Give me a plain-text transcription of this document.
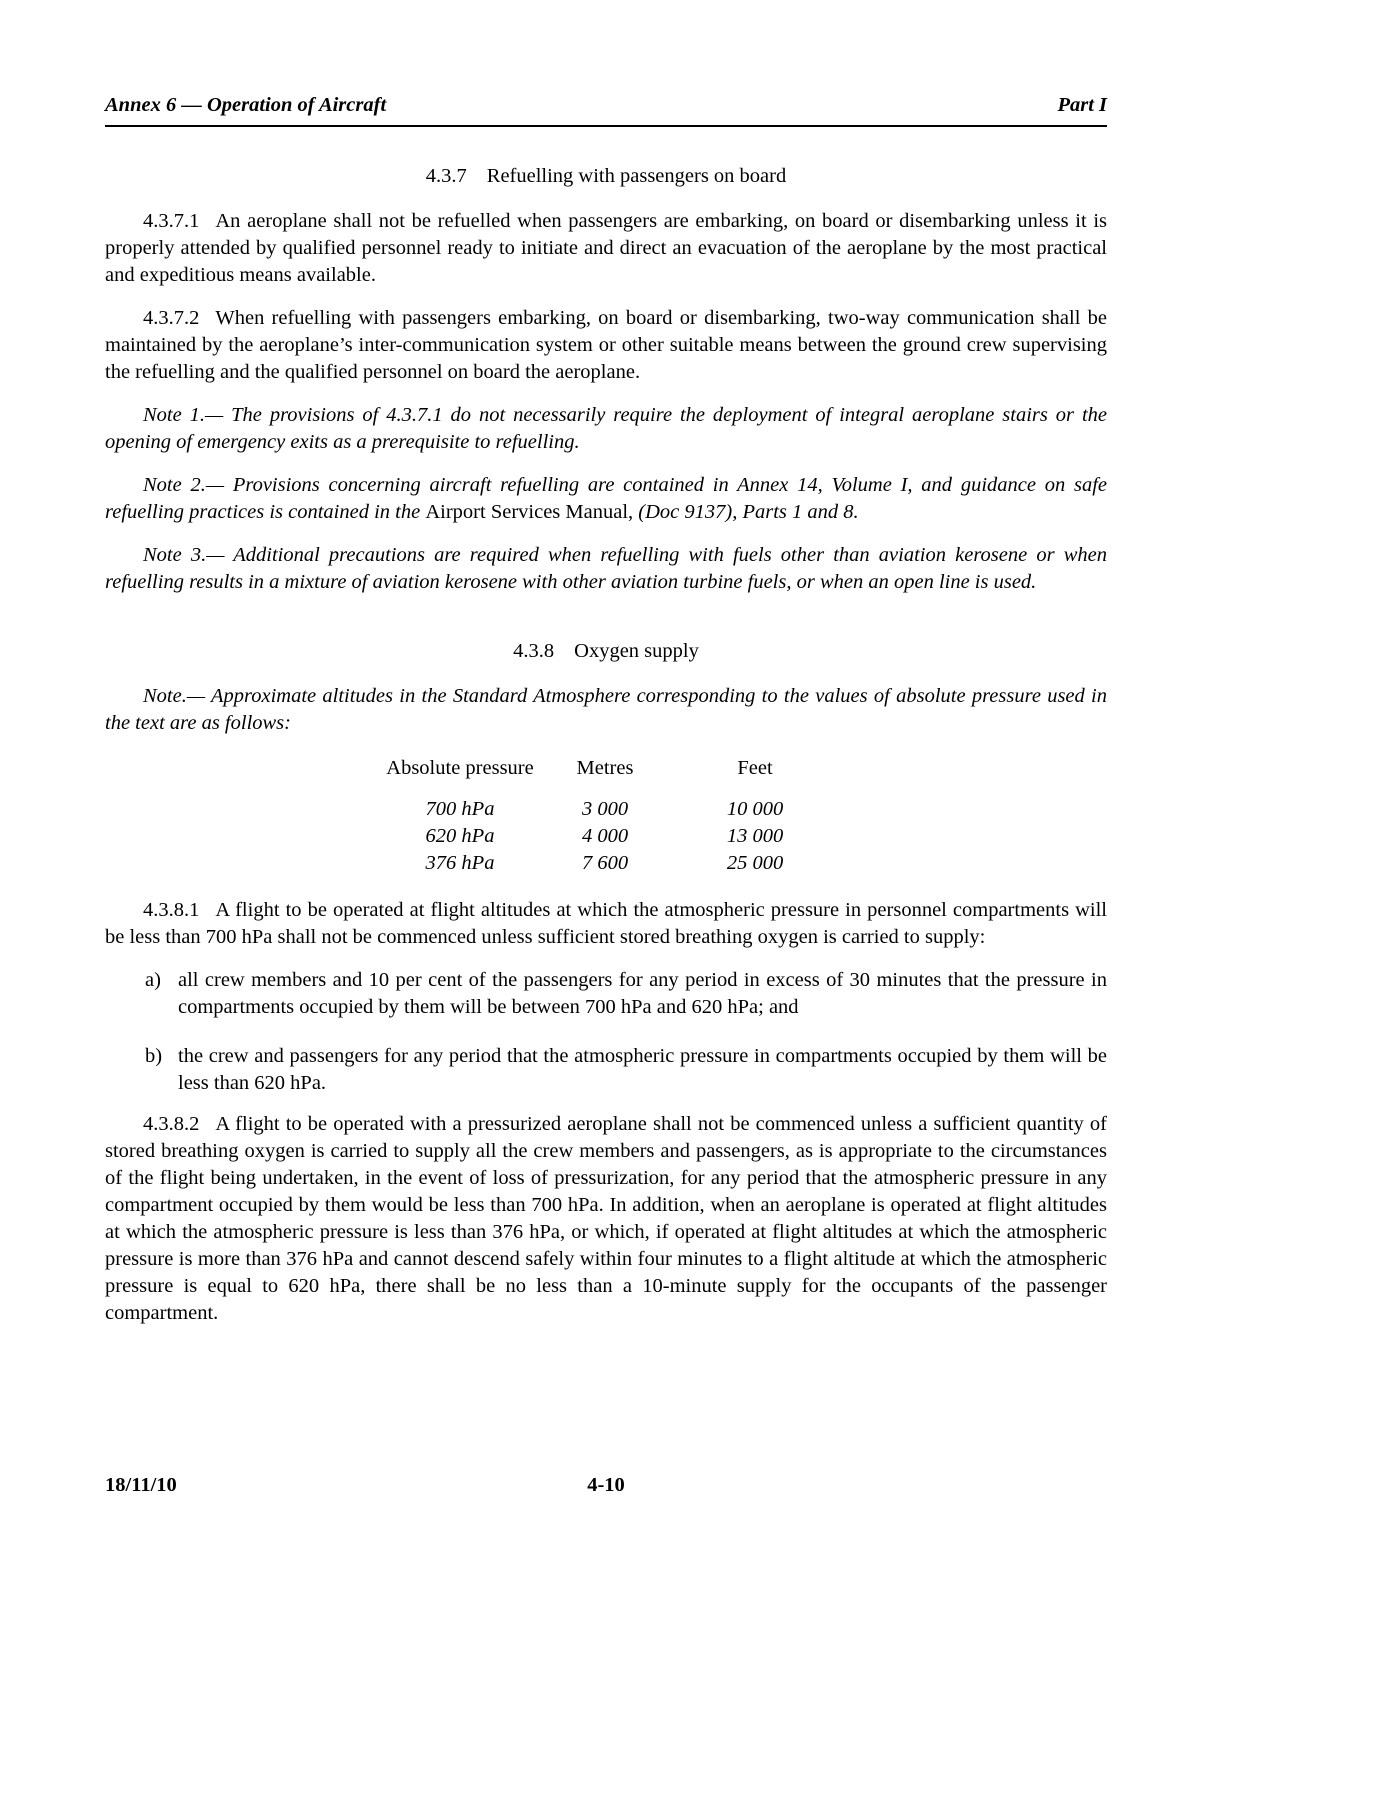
Annex 6 — Operation of Aircraft	Part I
4.3.7 Refuelling with passengers on board

4.3.7.1 An aeroplane shall not be refuelled when passengers are embarking, on board or disembarking unless it is properly attended by qualified personnel ready to initiate and direct an evacuation of the aeroplane by the most practical and expeditious means available.

4.3.7.2 When refuelling with passengers embarking, on board or disembarking, two-way communication shall be maintained by the aeroplane’s inter-communication system or other suitable means between the ground crew supervising the refuelling and the qualified personnel on board the aeroplane.

Note 1.— The provisions of 4.3.7.1 do not necessarily require the deployment of integral aeroplane stairs or the opening of emergency exits as a prerequisite to refuelling.

Note 2.— Provisions concerning aircraft refuelling are contained in Annex 14, Volume I, and guidance on safe refuelling practices is contained in the Airport Services Manual, (Doc 9137), Parts 1 and 8.

Note 3.— Additional precautions are required when refuelling with fuels other than aviation kerosene or when refuelling results in a mixture of aviation kerosene with other aviation turbine fuels, or when an open line is used.

4.3.8 Oxygen supply

Note.— Approximate altitudes in the Standard Atmosphere corresponding to the values of absolute pressure used in the text are as follows:

Absolute pressure	Metres	Feet
700 hPa	3 000	10 000
620 hPa	4 000	13 000
376 hPa	7 600	25 000

4.3.8.1 A flight to be operated at flight altitudes at which the atmospheric pressure in personnel compartments will be less than 700 hPa shall not be commenced unless sufficient stored breathing oxygen is carried to supply:

a) all crew members and 10 per cent of the passengers for any period in excess of 30 minutes that the pressure in compartments occupied by them will be between 700 hPa and 620 hPa; and
b) the crew and passengers for any period that the atmospheric pressure in compartments occupied by them will be less than 620 hPa.

4.3.8.2 A flight to be operated with a pressurized aeroplane shall not be commenced unless a sufficient quantity of stored breathing oxygen is carried to supply all the crew members and passengers, as is appropriate to the circumstances of the flight being undertaken, in the event of loss of pressurization, for any period that the atmospheric pressure in any compartment occupied by them would be less than 700 hPa. In addition, when an aeroplane is operated at flight altitudes at which the atmospheric pressure is less than 376 hPa, or which, if operated at flight altitudes at which the atmospheric pressure is more than 376 hPa and cannot descend safely within four minutes to a flight altitude at which the atmospheric pressure is equal to 620 hPa, there shall be no less than a 10-minute supply for the occupants of the passenger compartment.

18/11/10	4-10
